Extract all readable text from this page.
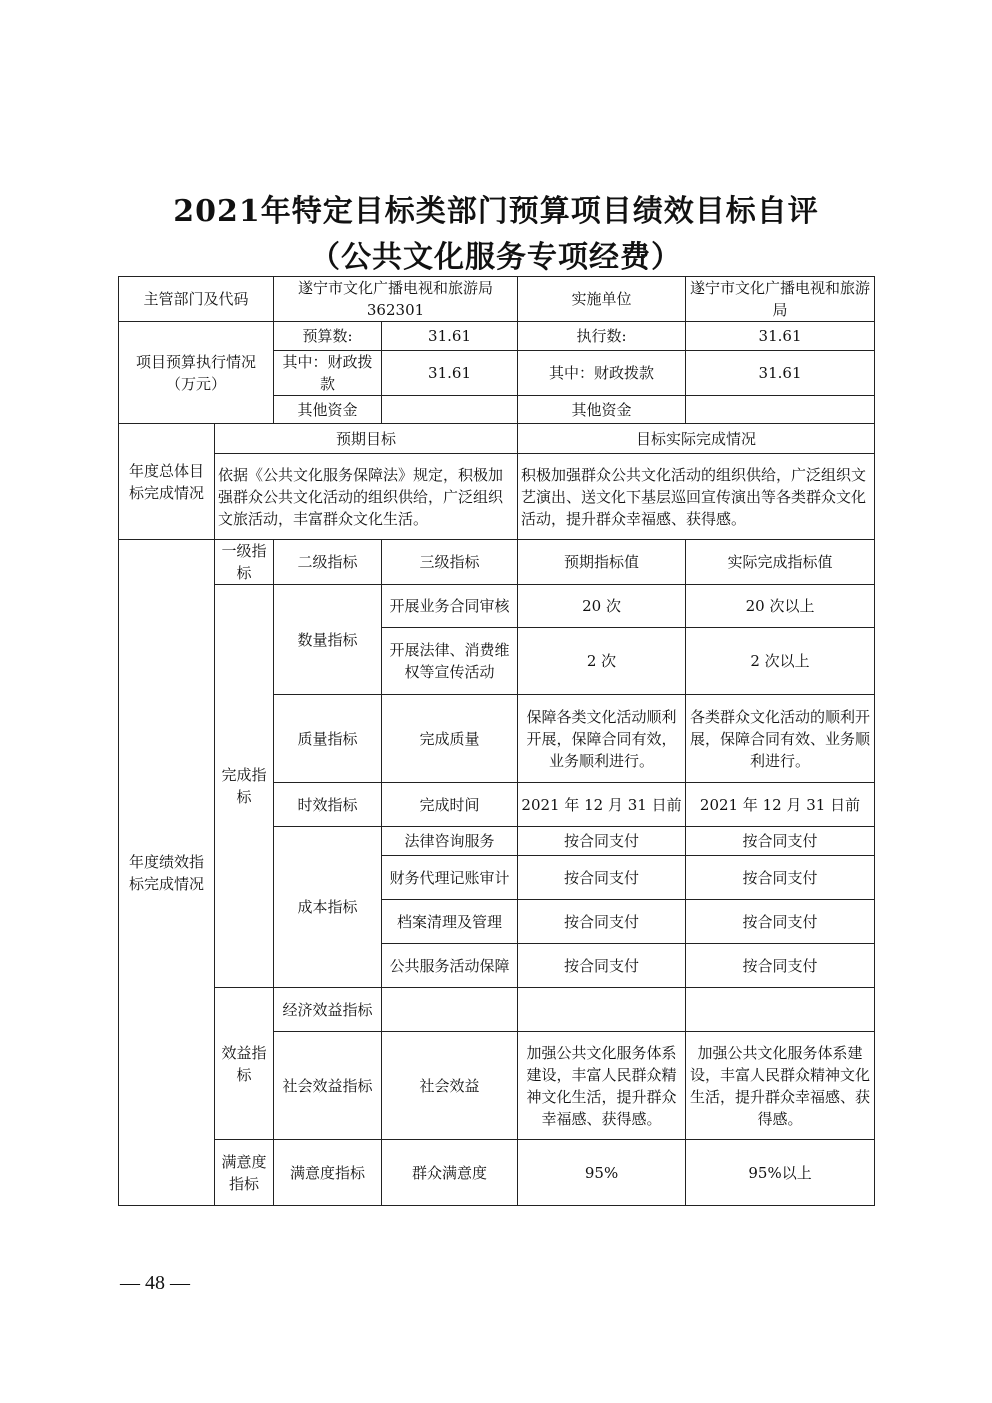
2021年特定目标类部门预算项目绩效目标自评
（公共文化服务专项经费）
主管部门及代码		遂宁市文化广播电视和旅游局362301		实施单位	遂宁市文化广播电视和旅游局
项目预算执行情况（万元）		预算数:	31.61	执行数:	31.61
		其中：财政拨款	31.61	其中：财政拨款	31.61
		其他资金		其他资金	
年度总体目标完成情况	预期目标			目标实际完成情况	
	依据《公共文化服务保障法》规定，积极加强群众公共文化活动的组织供给，广泛组织文旅活动，丰富群众文化生活。			积极加强群众公共文化活动的组织供给，广泛组织文艺演出、送文化下基层巡回宣传演出等各类群众文化活动，提升群众幸福感、获得感。	
年度绩效指标完成情况	一级指标	二级指标	三级指标	预期指标值	实际完成指标值
	完成指标	数量指标	开展业务合同审核	20 次	20 次以上
			开展法律、消费维权等宣传活动	2 次	2 次以上
		质量指标	完成质量	保障各类文化活动顺利开展，保障合同有效，业务顺利进行。	各类群众文化活动的顺利开展，保障合同有效、业务顺利进行。
		时效指标	完成时间	2021 年 12 月 31 日前	2021 年 12 月 31 日前
		成本指标	法律咨询服务	按合同支付	按合同支付
			财务代理记账审计	按合同支付	按合同支付
			档案清理及管理	按合同支付	按合同支付
			公共服务活动保障	按合同支付	按合同支付
	效益指标	经济效益指标			
		社会效益指标	社会效益	加强公共文化服务体系建设，丰富人民群众精神文化生活，提升群众幸福感、获得感。	加强公共文化服务体系建设，丰富人民群众精神文化生活，提升群众幸福感、获得感。
	满意度指标	满意度指标	群众满意度	95%	95%以上
— 48 —
